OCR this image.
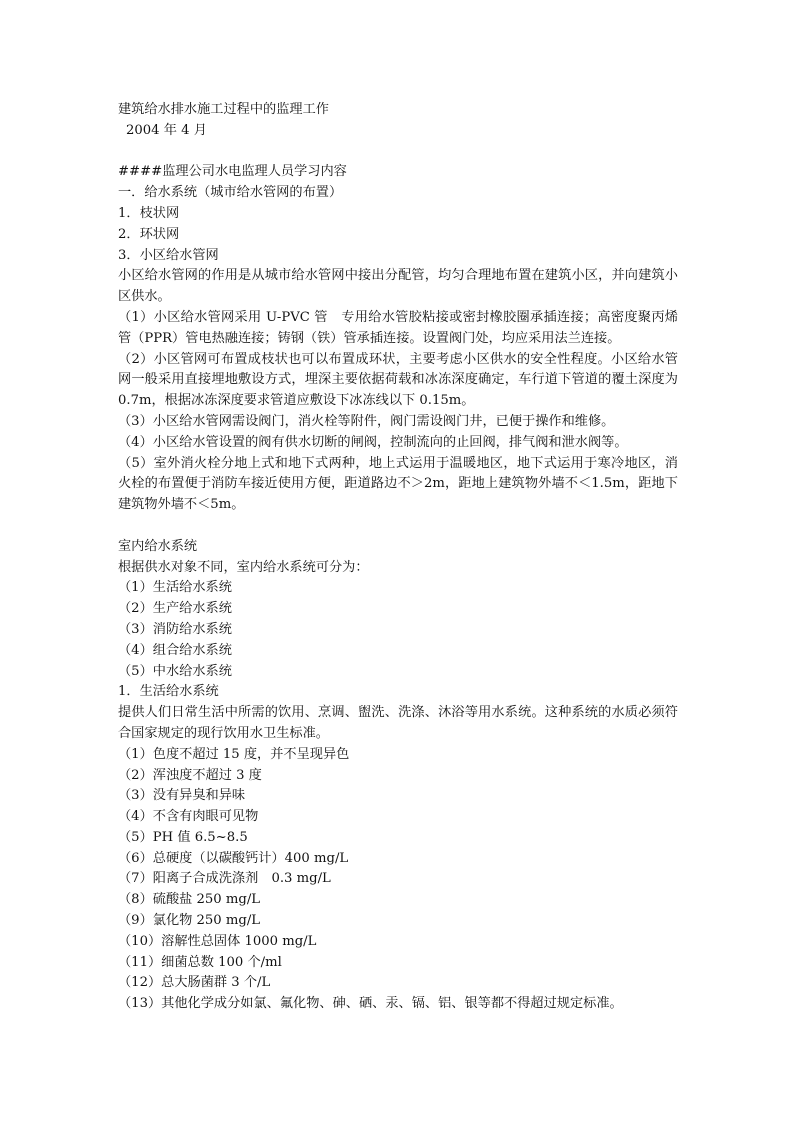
建筑给水排水施工过程中的监理工作
2004 年 4 月
####监理公司水电监理人员学习内容
一．给水系统（城市给水管网的布置）
1．枝状网
2．环状网
3．小区给水管网
小区给水管网的作用是从城市给水管网中接出分配管，均匀合理地布置在建筑小区，并向建筑小区供水。
（1）小区给水管网采用 U-PVC 管　专用给水管胶粘接或密封橡胶圈承插连接；高密度聚丙烯管（PPR）管电热融连接；铸钢（铁）管承插连接。设置阀门处，均应采用法兰连接。
（2）小区管网可布置成枝状也可以布置成环状，主要考虑小区供水的安全性程度。小区给水管网一般采用直接埋地敷设方式，埋深主要依据荷载和冰冻深度确定，车行道下管道的覆土深度为 0.7m，根据冰冻深度要求管道应敷设下冰冻线以下 0.15m。
（3）小区给水管网需设阀门，消火栓等附件，阀门需设阀门井，已便于操作和维修。
（4）小区给水管设置的阀有供水切断的闸阀，控制流向的止回阀，排气阀和泄水阀等。
（5）室外消火栓分地上式和地下式两种，地上式运用于温暖地区，地下式运用于寒冷地区，消火栓的布置便于消防车接近使用方便，距道路边不＞2m，距地上建筑物外墙不＜1.5m，距地下建筑物外墙不＜5m。
室内给水系统
根据供水对象不同，室内给水系统可分为：
（1）生活给水系统
（2）生产给水系统
（3）消防给水系统
（4）组合给水系统
（5）中水给水系统
1．生活给水系统
提供人们日常生活中所需的饮用、烹调、盥洗、洗涤、沐浴等用水系统。这种系统的水质必须符合国家规定的现行饮用水卫生标准。
（1）色度不超过 15 度，并不呈现异色
（2）浑浊度不超过 3 度
（3）没有异臭和异味
（4）不含有肉眼可见物
（5）PH 值 6.5~8.5
（6）总硬度（以碳酸钙计）400 mg/L
（7）阳离子合成洗涤剂　0.3 mg/L
（8）硫酸盐 250 mg/L
（9）氯化物 250 mg/L
（10）溶解性总固体 1000 mg/L
（11）细菌总数 100 个/ml
（12）总大肠菌群 3 个/L
（13）其他化学成分如氯、氟化物、砷、硒、汞、镉、铝、银等都不得超过规定标准。
